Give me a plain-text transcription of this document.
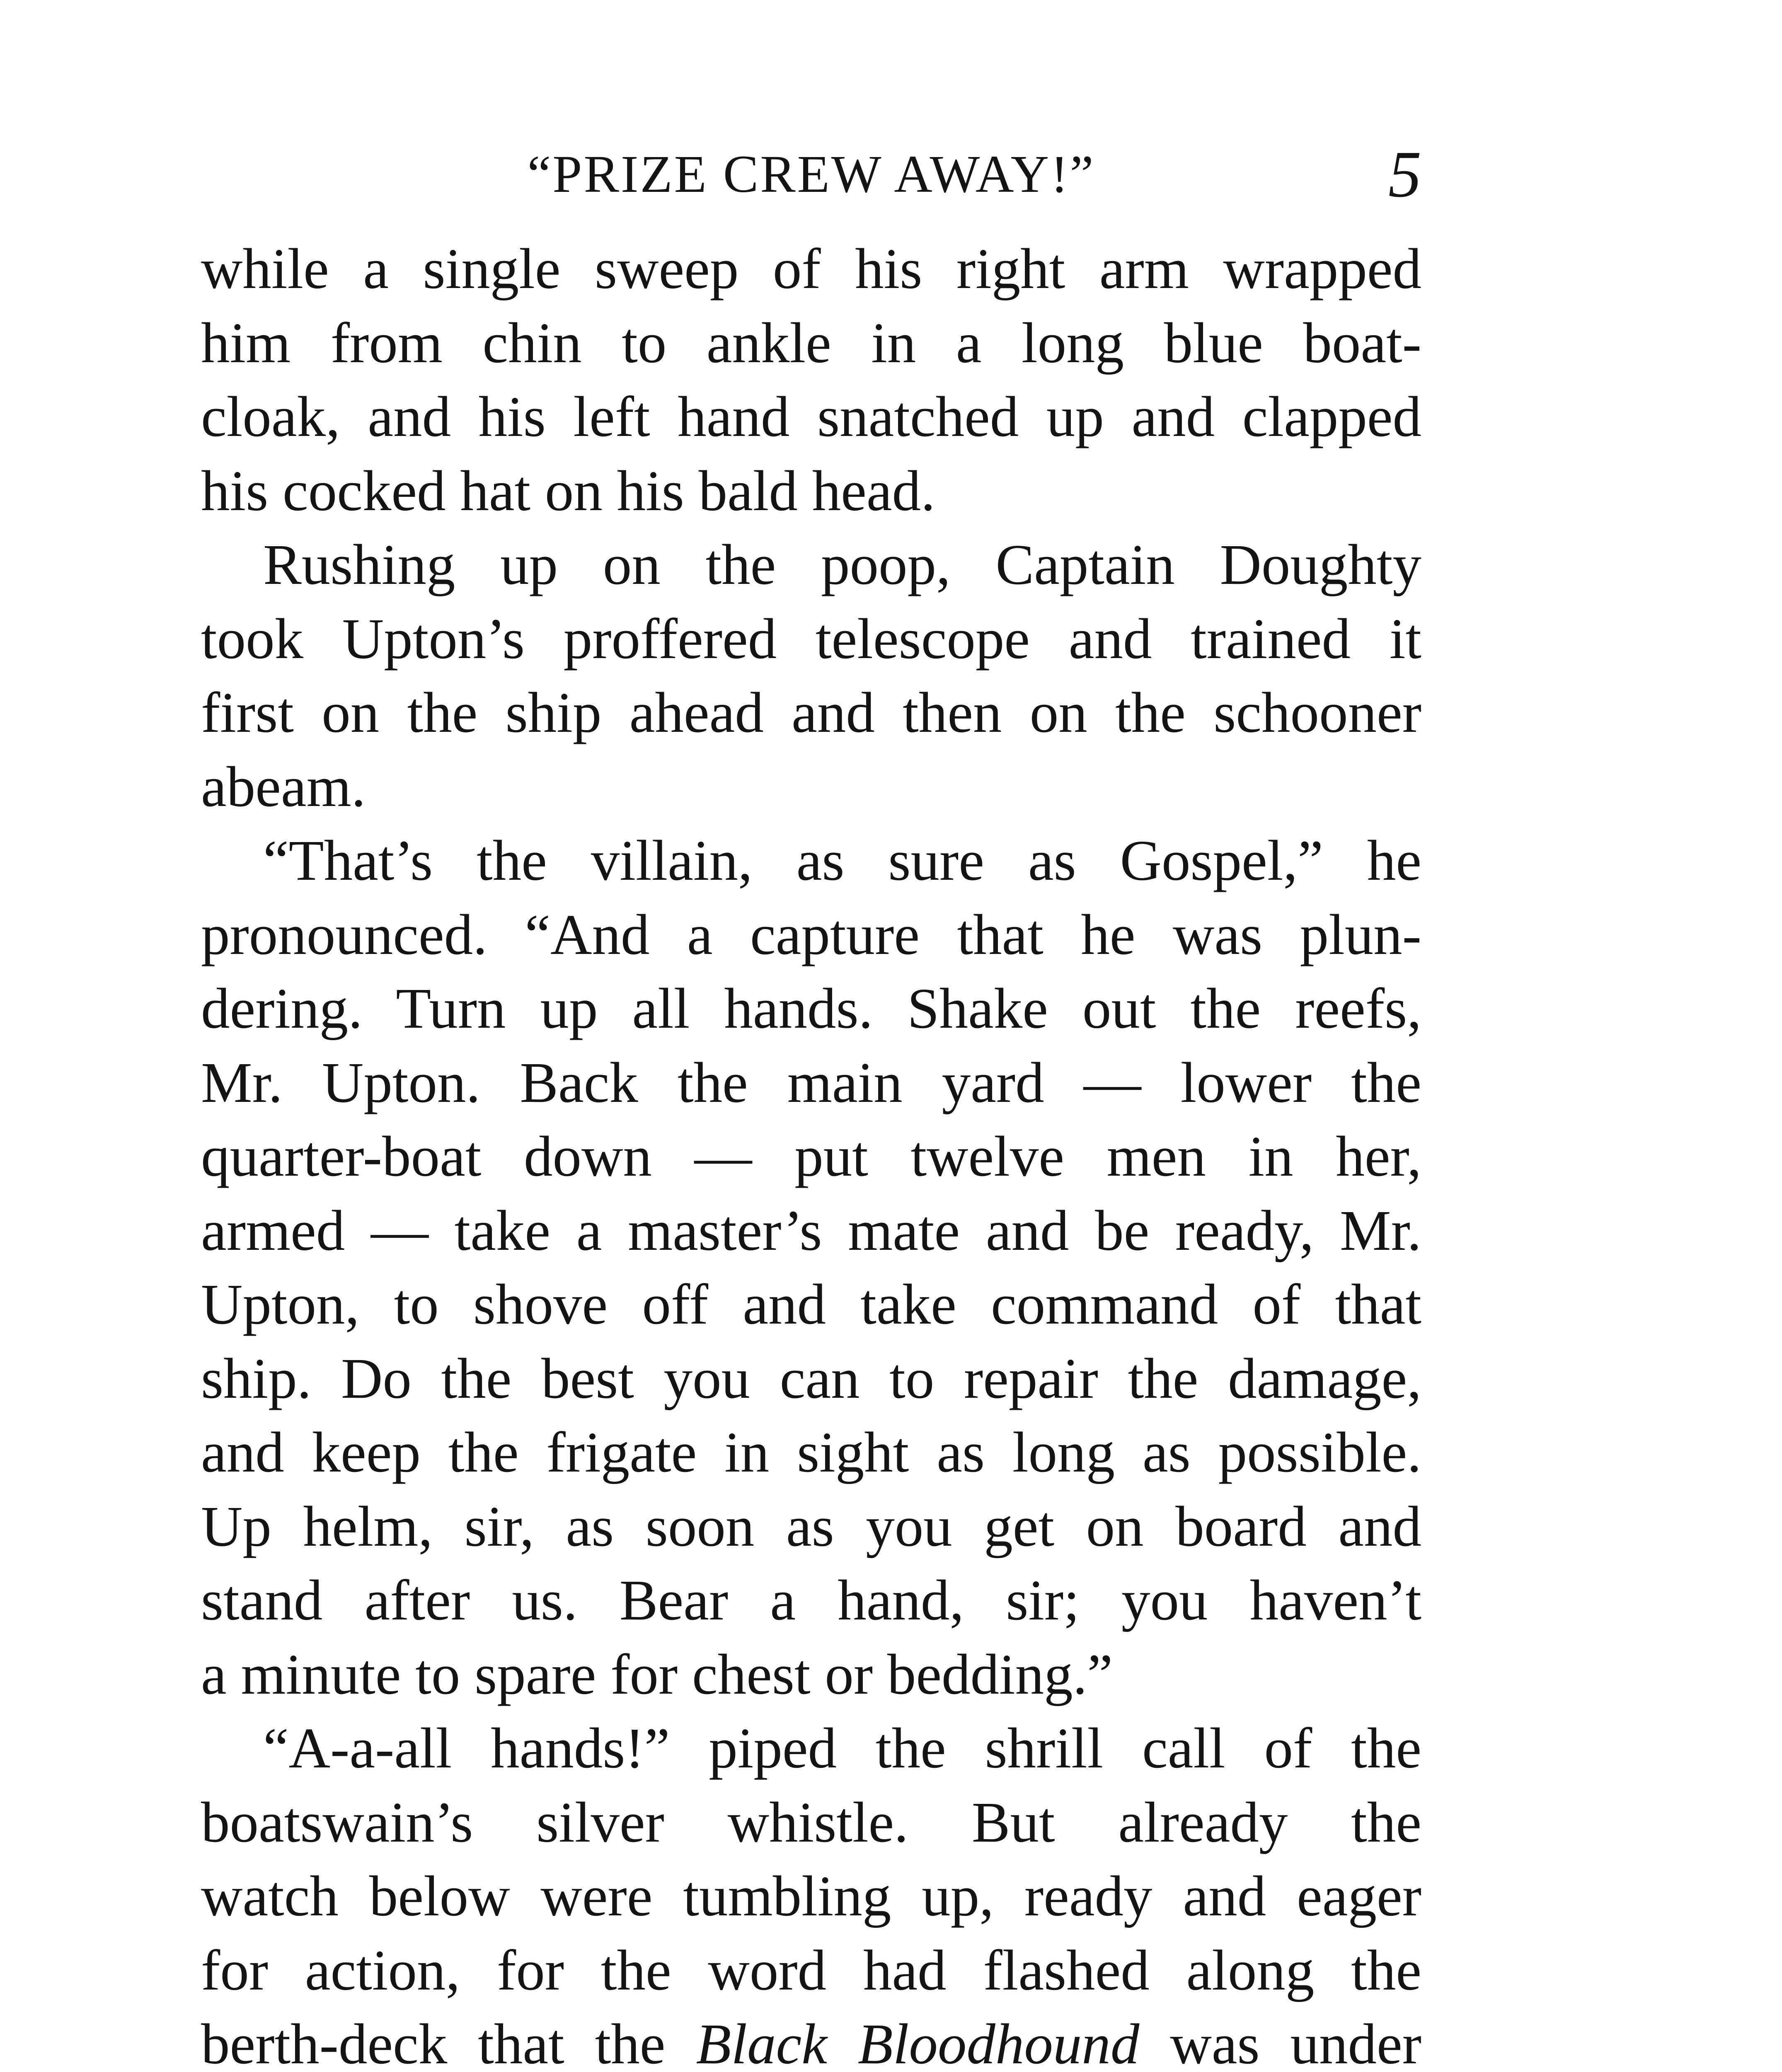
“PRIZE CREW AWAY!”	5
while a single sweep of his right arm wrapped
him from chin to ankle in a long blue boat-
cloak, and his left hand snatched up and clapped
his cocked hat on his bald head.
Rushing up on the poop, Captain Doughty
took Upton’s proffered telescope and trained it
first on the ship ahead and then on the schooner
abeam.
“That’s the villain, as sure as Gospel,” he
pronounced. “And a capture that he was plun-
dering. Turn up all hands. Shake out the reefs,
Mr. Upton. Back the main yard — lower the
quarter-boat down — put twelve men in her,
armed — take a master’s mate and be ready, Mr.
Upton, to shove off and take command of that
ship. Do the best you can to repair the damage,
and keep the frigate in sight as long as possible.
Up helm, sir, as soon as you get on board and
stand after us. Bear a hand, sir; you haven’t
a minute to spare for chest or bedding.”
“A-a-all hands!” piped the shrill call of the
boatswain’s silver whistle. But already the
watch below were tumbling up, ready and eager
for action, for the word had flashed along the
berth-deck that the Black Bloodhound was under
